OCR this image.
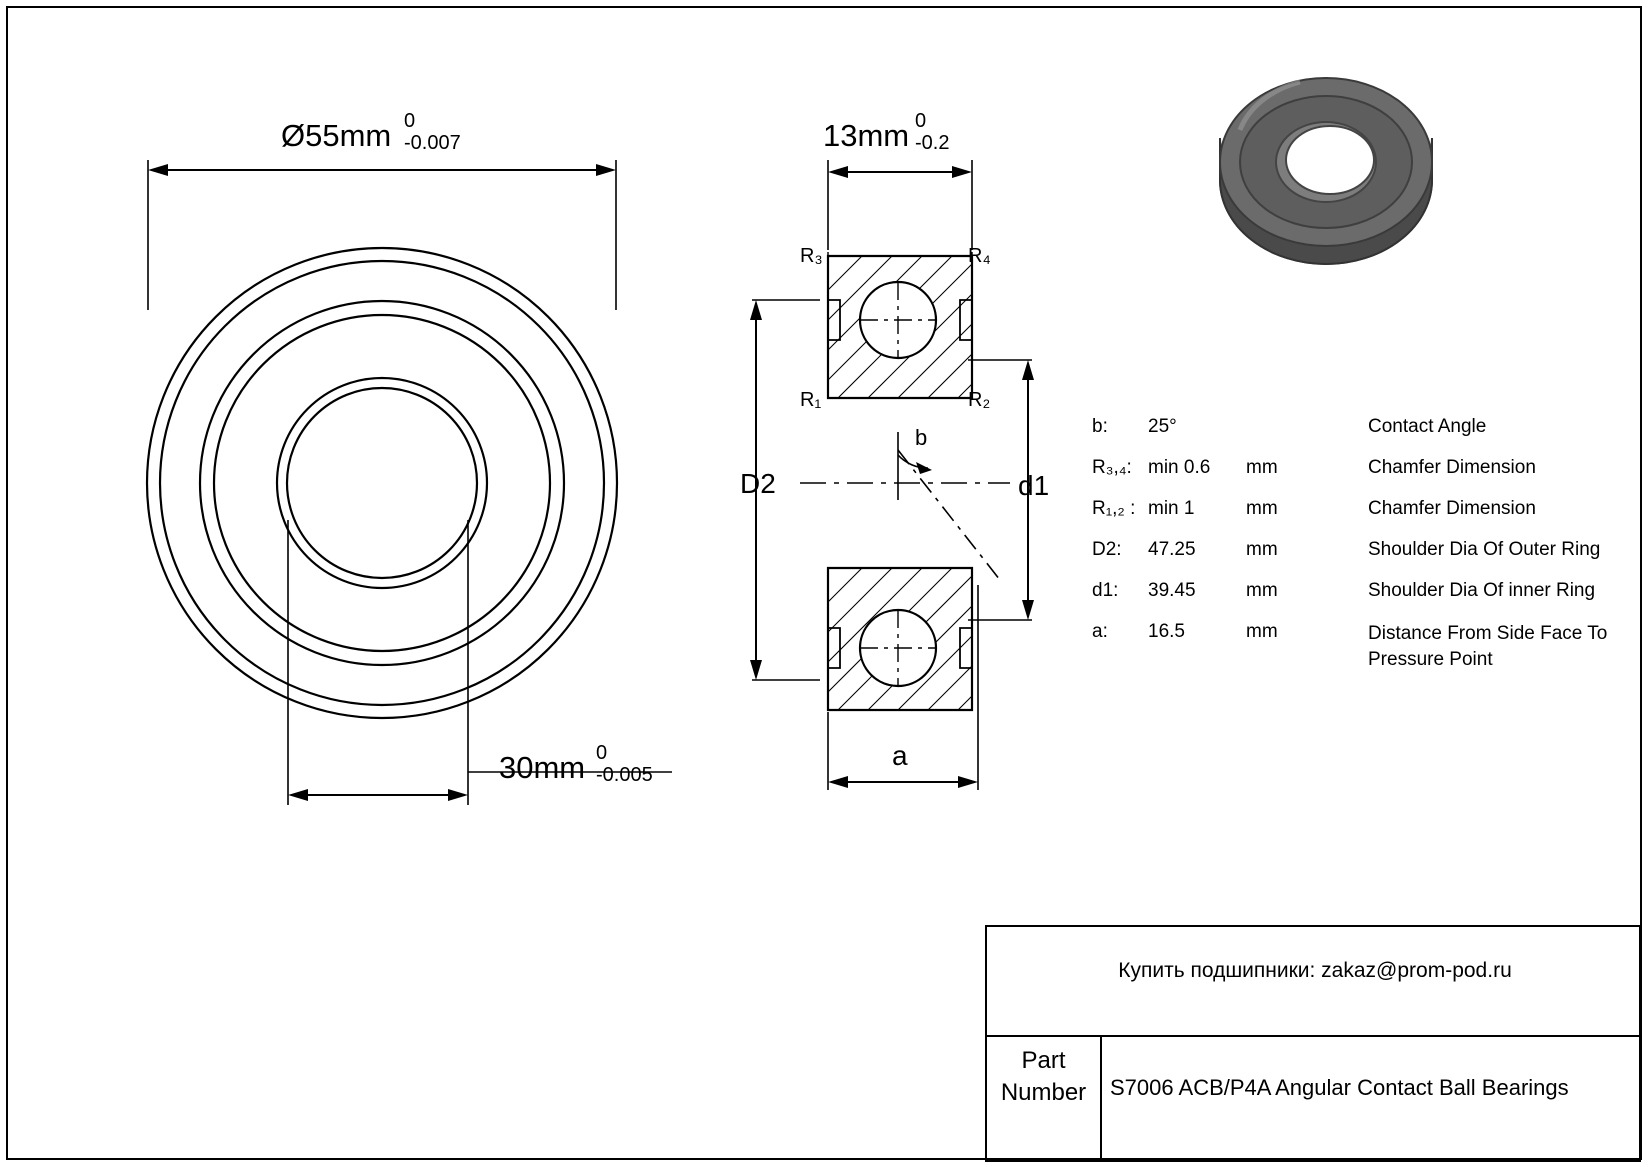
Ø55mm 0
-0.007
30mm 0
-0.005
13mm 0
-0.2
R₃	R₄
R₁	R₂
D2	d1
a
b	b:	25°		Contact Angle
R₃,₄:	min 0.6	mm	Chamfer Dimension
R₁,₂ :	min 1	mm	Chamfer Dimension
D2:	47.25	mm	Shoulder Dia Of Outer Ring
d1:	39.45	mm	Shoulder Dia Of inner Ring
a:	16.5	mm	Distance From Side Face To Pressure Point
Купить подшипники: zakaz@prom-pod.ru
Part
Number	S7006 ACB/P4A Angular Contact Ball Bearings
